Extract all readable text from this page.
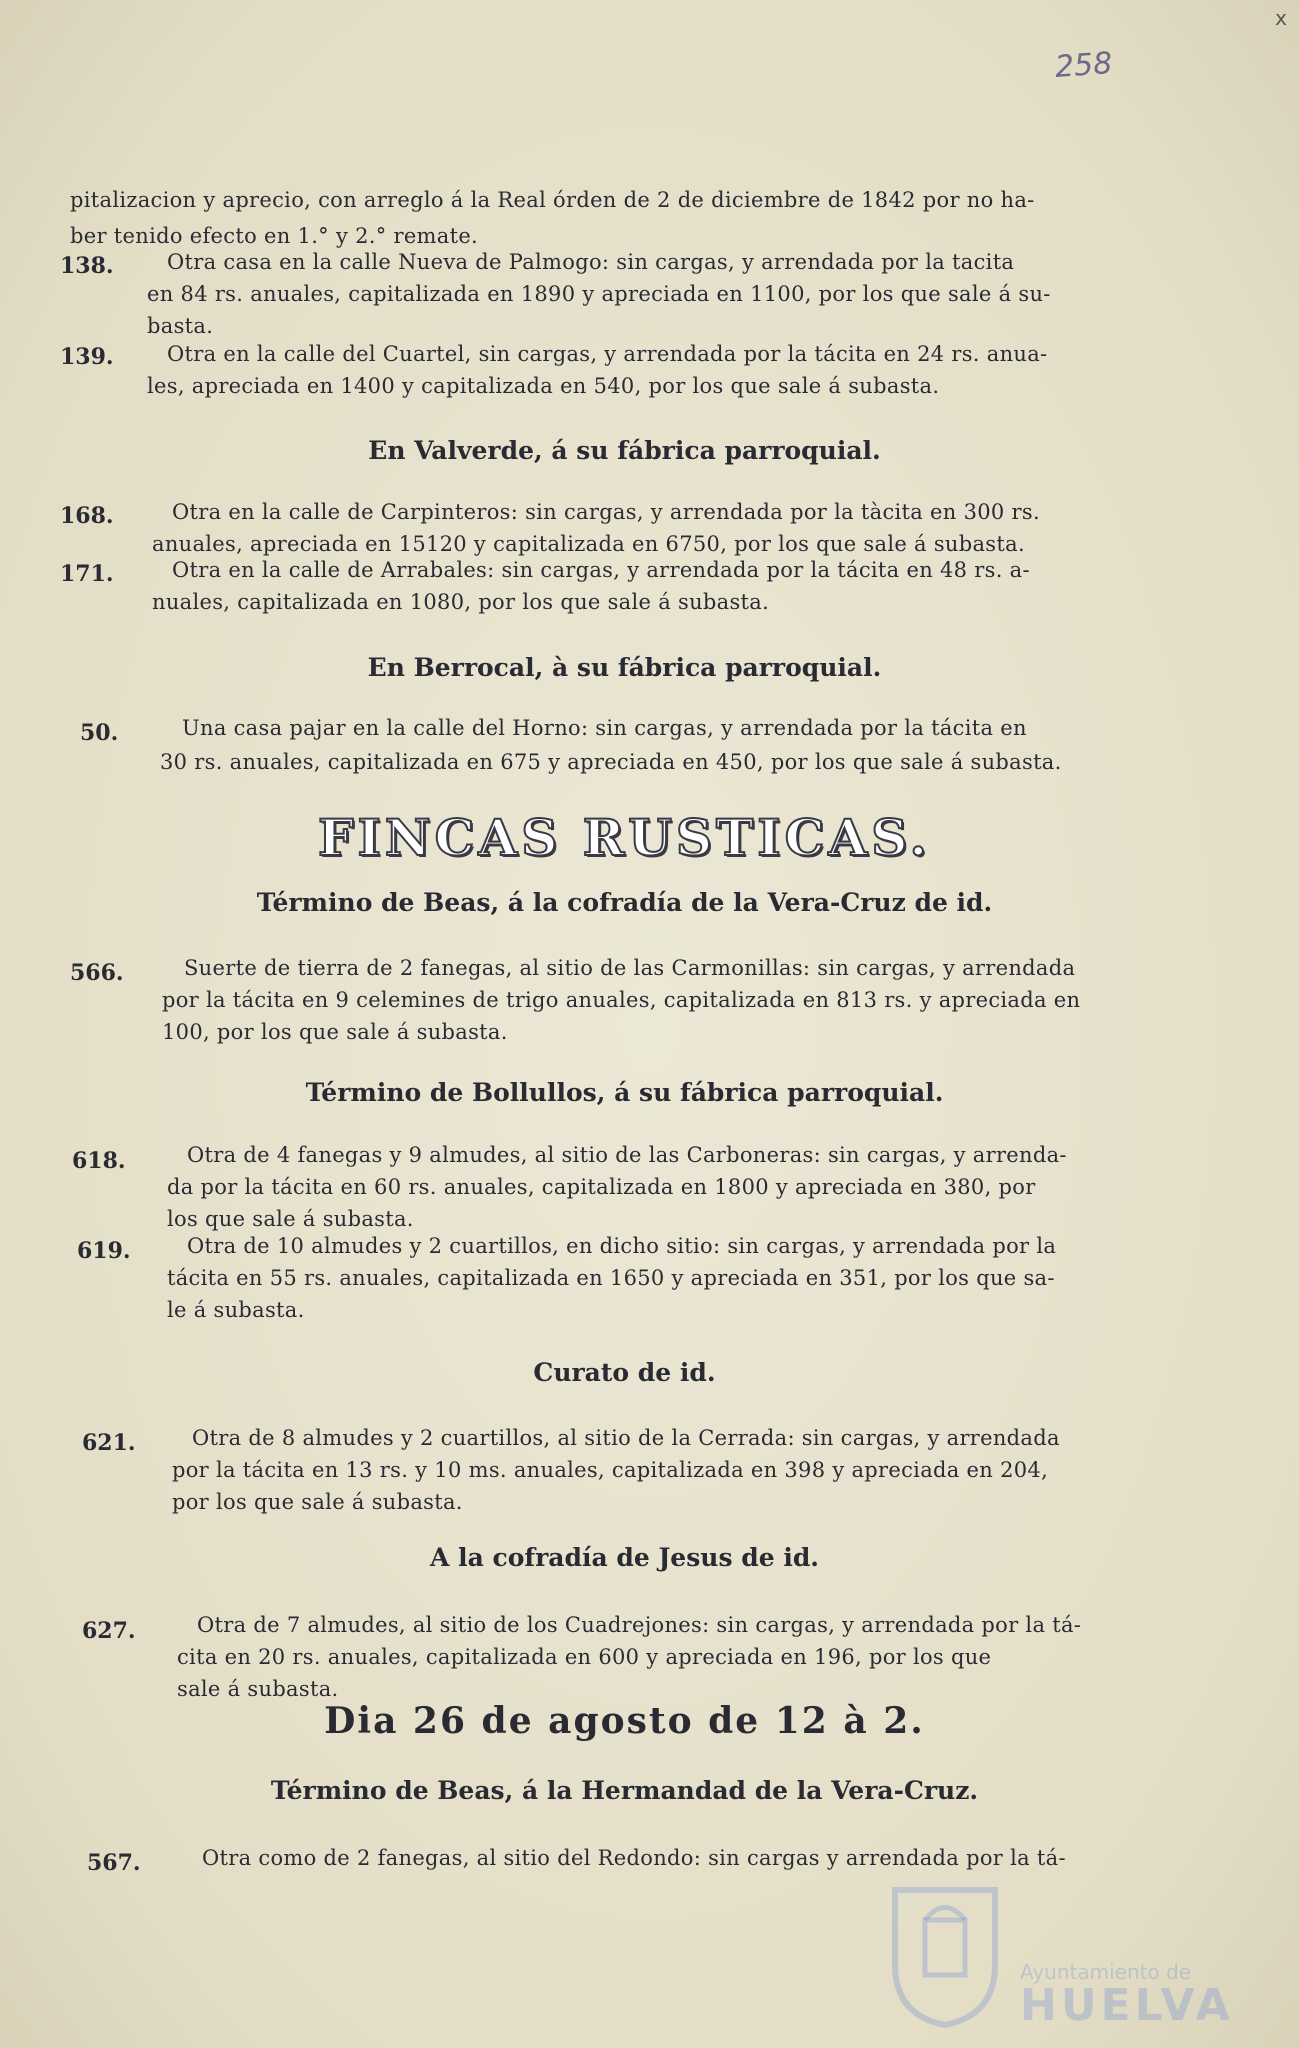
x
258
pitalizacion y aprecio, con arreglo á la Real órden de 2 de diciembre de 1842 por no ha-
ber tenido efecto en 1.° y 2.° remate.
138.	Otra casa en la calle Nueva de Palmogo: sin cargas, y arrendada por la tacita
en 84 rs. anuales, capitalizada en 1890 y apreciada en 1100, por los que sale á su-
basta.
139.	Otra en la calle del Cuartel, sin cargas, y arrendada por la tácita en 24 rs. anua-
les, apreciada en 1400 y capitalizada en 540, por los que sale á subasta.
En Valverde, á su fábrica parroquial.
168.	Otra en la calle de Carpinteros: sin cargas, y arrendada por la tàcita en 300 rs.
anuales, apreciada en 15120 y capitalizada en 6750, por los que sale á subasta.
171.	Otra en la calle de Arrabales: sin cargas, y arrendada por la tácita en 48 rs. a-
nuales, capitalizada en 1080, por los que sale á subasta.
En Berrocal, à su fábrica parroquial.
50.	Una casa pajar en la calle del Horno: sin cargas, y arrendada por la tácita en
30 rs. anuales, capitalizada en 675 y apreciada en 450, por los que sale á subasta.
FINCAS RUSTICAS.
Término de Beas, á la cofradía de la Vera-Cruz de id.
566.	Suerte de tierra de 2 fanegas, al sitio de las Carmonillas: sin cargas, y arrendada
por la tácita en 9 celemines de trigo anuales, capitalizada en 813 rs. y apreciada en
100, por los que sale á subasta.
Término de Bollullos, á su fábrica parroquial.
618.	Otra de 4 fanegas y 9 almudes, al sitio de las Carboneras: sin cargas, y arrenda-
da por la tácita en 60 rs. anuales, capitalizada en 1800 y apreciada en 380, por
los que sale á subasta.
619.	Otra de 10 almudes y 2 cuartillos, en dicho sitio: sin cargas, y arrendada por la
tácita en 55 rs. anuales, capitalizada en 1650 y apreciada en 351, por los que sa-
le á subasta.
Curato de id.
621.	Otra de 8 almudes y 2 cuartillos, al sitio de la Cerrada: sin cargas, y arrendada
por la tácita en 13 rs. y 10 ms. anuales, capitalizada en 398 y apreciada en 204,
por los que sale á subasta.
A la cofradía de Jesus de id.
627.	Otra de 7 almudes, al sitio de los Cuadrejones: sin cargas, y arrendada por la tá-
cita en 20 rs. anuales, capitalizada en 600 y apreciada en 196, por los que
sale á subasta.
Dia 26 de agosto de 12 à 2.
Término de Beas, á la Hermandad de la Vera-Cruz.
567.	Otra como de 2 fanegas, al sitio del Redondo: sin cargas y arrendada por la tá-
Ayuntamiento de
HUELVA
